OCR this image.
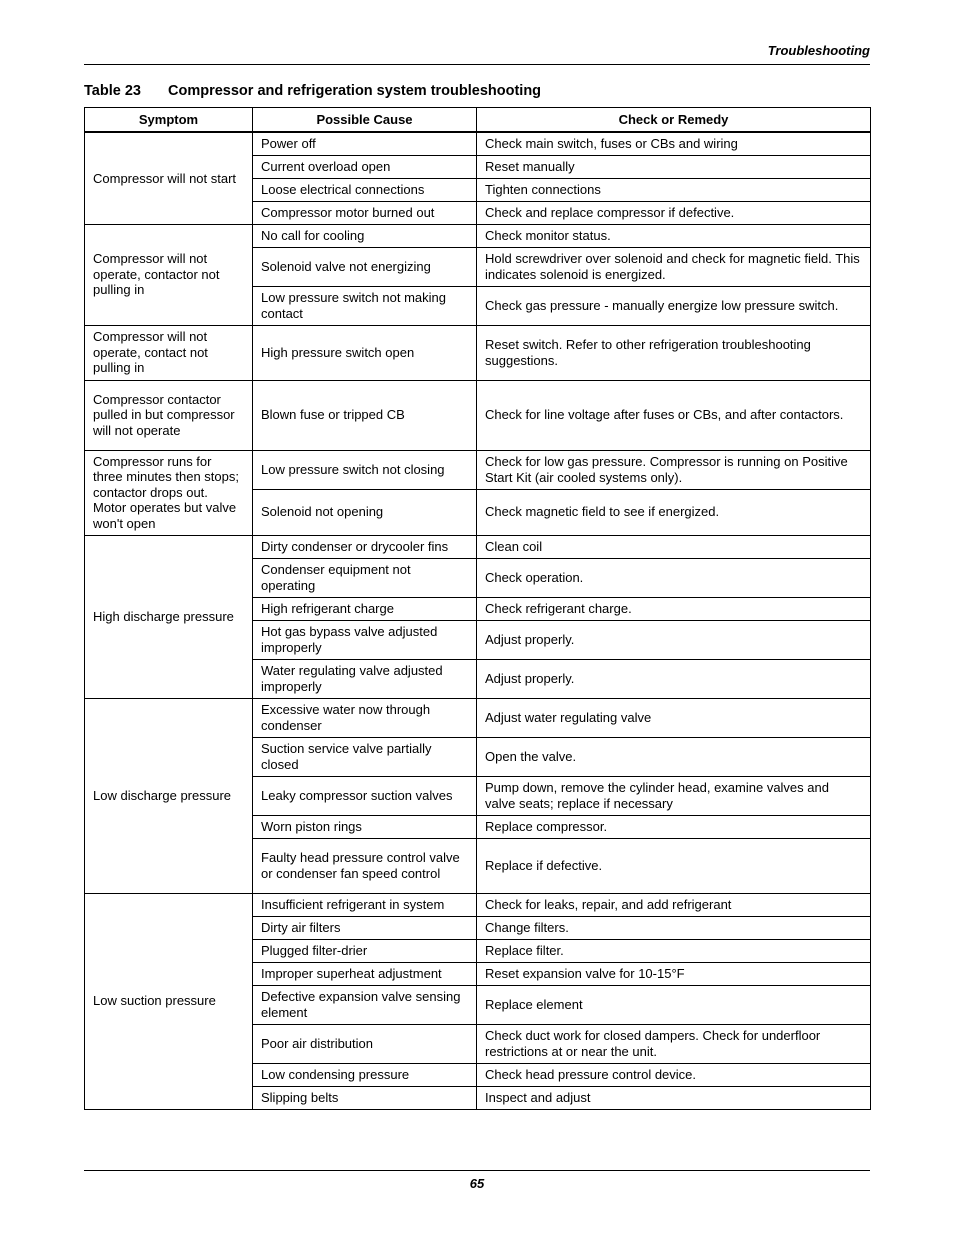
Troubleshooting
Table 23 Compressor and refrigeration system troubleshooting
Symptom	Possible Cause	Check or Remedy
Compressor will not start	Power off	Check main switch, fuses or CBs and wiring
	Current overload open	Reset manually
	Loose electrical connections	Tighten connections
	Compressor motor burned out	Check and replace compressor if defective.
Compressor will not operate, contactor not pulling in	No call for cooling	Check monitor status.
	Solenoid valve not energizing	Hold screwdriver over solenoid and check for magnetic field. This indicates solenoid is energized.
	Low pressure switch not making contact	Check gas pressure - manually energize low pressure switch.
Compressor will not operate, contact not pulling in	High pressure switch open	Reset switch. Refer to other refrigeration troubleshooting suggestions.
Compressor contactor pulled in but compressor will not operate	Blown fuse or tripped CB	Check for line voltage after fuses or CBs, and after contactors.
Compressor runs for three minutes then stops; contactor drops out. Motor operates but valve won't open	Low pressure switch not closing	Check for low gas pressure. Compressor is running on Positive Start Kit (air cooled systems only).
	Solenoid not opening	Check magnetic field to see if energized.
High discharge pressure	Dirty condenser or drycooler fins	Clean coil
	Condenser equipment not operating	Check operation.
	High refrigerant charge	Check refrigerant charge.
	Hot gas bypass valve adjusted improperly	Adjust properly.
	Water regulating valve adjusted improperly	Adjust properly.
Low discharge pressure	Excessive water now through condenser	Adjust water regulating valve
	Suction service valve partially closed	Open the valve.
	Leaky compressor suction valves	Pump down, remove the cylinder head, examine valves and valve seats; replace if necessary
	Worn piston rings	Replace compressor.
	Faulty head pressure control valve or condenser fan speed control	Replace if defective.
Low suction pressure	Insufficient refrigerant in system	Check for leaks, repair, and add refrigerant
	Dirty air filters	Change filters.
	Plugged filter-drier	Replace filter.
	Improper superheat adjustment	Reset expansion valve for 10-15°F
	Defective expansion valve sensing element	Replace element
	Poor air distribution	Check duct work for closed dampers. Check for underfloor restrictions at or near the unit.
	Low condensing pressure	Check head pressure control device.
	Slipping belts	Inspect and adjust
65
